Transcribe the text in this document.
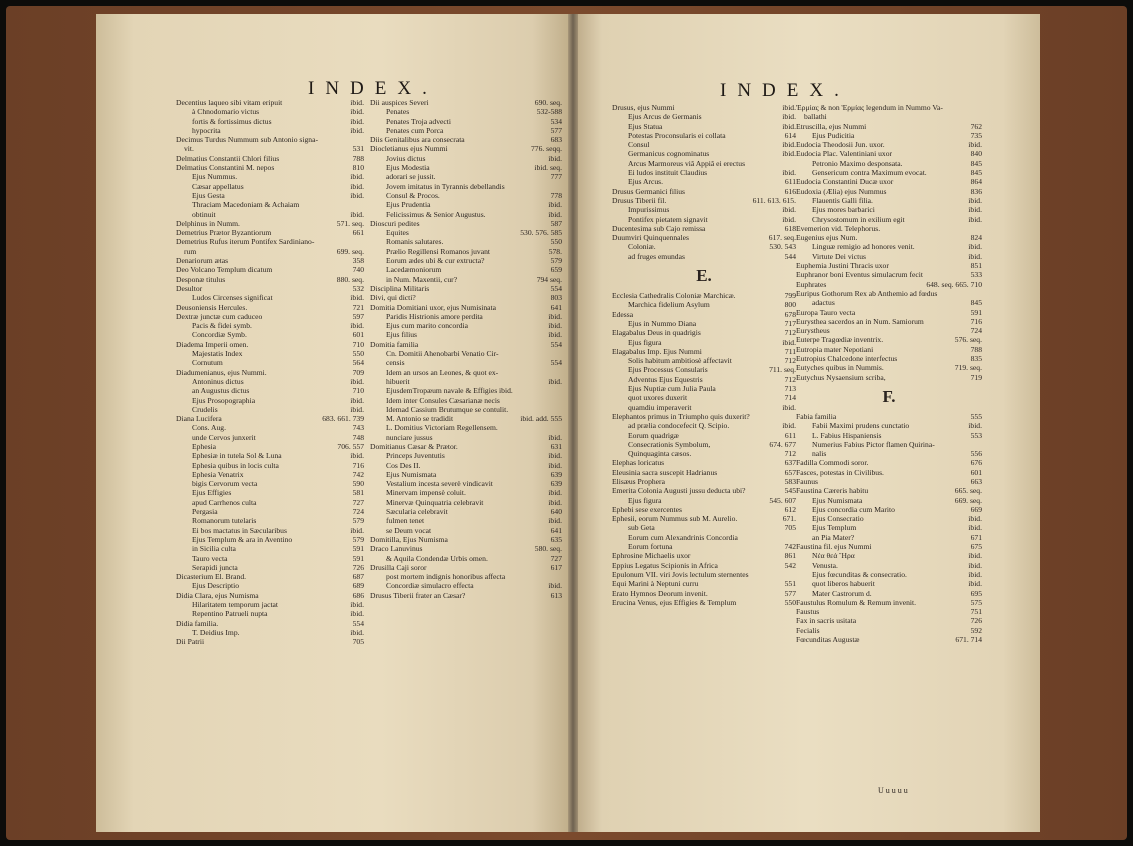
INDEX.	INDEX.
Decentius laqueo sibi vitam eripuit	ibid.
à Chnodomario victus	ibid.
fortis & fortissimus dictus	ibid.
hypocrita	ibid.
Decimus Turdus Nummum sub Antonio signa-
vit.	531
Delmatius Constantii Chlori filius	788
Delmatius Constantini M. nepos	810
Ejus Nummus.	ibid.
Cæsar appellatus	ibid.
Ejus Gesta	ibid.
Thraciam Macedoniam & Achaiam
obtinuit	ibid.
Delphinus in Numm.	571. seq.
Demetrius Prætor Byzantiorum	661
Demetrius Rufus iterum Pontifex Sardiniano-
rum	699. seq.
Denariorum ætas	358
Deo Volcano Templum dicatum	740
Desponæ titulus	880. seq.
Desultor	532
Ludos Circenses significat	ibid.
Deusoniensis Hercules.	721
Dextræ junctæ cum caduceo	597
Pacis & fidei symb.	ibid.
Concordiæ Symb.	601
Diadema Imperii omen.	710
Majestatis Index	550
Cornutum	564
Diadumenianus, ejus Nummi.	709
Antoninus dictus	ibid.
an Augustus dictus	710
Ejus Prosopographia	ibid.
Crudelis	ibid.
Diana Lucifera	683. 661. 739
Cons. Aug.	743
unde Cervos junxerit	748
Ephesia	706. 557
Ephesiæ in tutela Sol & Luna	ibid.
Ephesia quibus in locis culta	716
Ephesia Venatrix	742
bigis Cervorum vecta	590
Ejus Effigies	581
apud Carrhenos culta	727
Pergasia	724
Romanorum tutelaris	579
Ei bos mactatus in Sæcularibus	ibid.
Ejus Templum & ara in Aventino	579
in Sicilia culta	591
Tauro vecta	591
Serapidi juncta	726
Dicasterium El. Brand.	687
Ejus Descriptio	689
Didia Clara, ejus Numisma	686
Hilaritatem temporum jactat	ibid.
Repentino Patrueli nupta	ibid.
Didia familia.	554
T. Deidius Imp.	ibid.
Dii Patrii	705
Dii auspices Severi	690. seq.
Penates	532-588
Penates Troja advecti	534
Penates cum Porca	577
Diis Genitalibus ara consecrata	683
Diocletianus ejus Nummi	776. seqq.
Jovius dictus	ibid.
Ejus Modestia	ibid. seq.
adorari se jussit.	777
Jovem imitatus in Tyrannis debellandis
Consul & Procos.	778
Ejus Prudentia	ibid.
Felicissimus & Senior Augustus.	ibid.
Dioscuri pedites	587
Equites	530. 576. 585
Romanis salutares.	550
Prælio Regillensi Romanos juvant	578.
Eorum ædes ubi & cur extructa?	579
Lacedæmoniorum	659
in Num. Maxentii, cur?	794 seq.
Disciplina Militaris	554
Divi, qui dicti?	803
Domitia Domitiani uxor, ejus Numisinata	641
Paridis Histrionis amore perdita	ibid.
Ejus cum marito concordia	ibid.
Ejus filius	ibid.
Domitia familia	554
Cn. Domitii Ahenobarbi Venatio Cir-
censis	554
Idem an ursos an Leones, & quot ex-
hibuerit	ibid.
EjusdemTropæum navale & Effigies ibid.
Idem inter Consules Cæsarianæ necis
Idemad Cassium Brutumque se contulit.
M. Antonio se tradidit	ibid. add. 555
L. Domitius Victoriam Regellensem.
nunciare jussus	ibid.
Domitianus Cæsar & Prætor.	631
Princeps Juventutis	ibid.
Cos Des II.	ibid.
Ejus Numismata	639
Vestalium incesta severè vindicavit	639
Minervam impensè coluit.	ibid.
Minervæ Quinquatria celebravit	ibid.
Sæcularia celebravit	640
fulmen tenet	ibid.
se Deum vocat	641
Domitilla, Ejus Numisma	635
Draco Lanuvinus	580. seq.
& Aquila Condendæ Urbis omen.	727
Drusilla Caji soror	617
post mortem indignis honoribus affecta
Concordiæ simulacro effecta	ibid.
Drusus Tiberii frater an Cæsar?	613
Drusus, ejus Nummi	ibid.
Ejus Arcus de Germanis	ibid.
Ejus Statua	ibid.
Potestas Proconsularis ei collata	614
Consul	ibid.
Germanicus cognominatus	ibid.
Arcus Marmoreus viâ Appiâ ei erectus
Ei ludos instituit Claudius	ibid.
Ejus Arcus.	611
Drusus Germanici filius	616
Drusus Tiberii fil.	611. 613. 615.
Impurissimus	ibid.
Pontifex pietatem signavit	ibid.
Ducentesima sub Cajo remissa	618
Duumviri Quinquennales	617. seq.
Coloniæ.	530. 543
ad fruges emundas	544
E.
Ecclesia Cathedralis Coloniæ Marchicæ.	799
Marchica fidelium Asylum	800
Edessa	678
Ejus in Nummo Diana	717
Elagabalus Deus in quadrigis	712
Ejus figura	ibid.
Elagabalus Imp. Ejus Nummi	711
Solis habitum ambitiosè affectavit	712
Ejus Processus Consularis	711. seq.
Adventus Ejus Equestris	712
Ejus Nuptiæ cum Julia Paula	713
quot uxores duxerit	714
quamdiu imperaverit	ibid.
Elephantos primus in Triumpho quis duxerit?
ad prælia condocefecit Q. Scipio.	ibid.
Eorum quadrigæ	611
Consecrationis Symbolum,	674. 677
Quinquaginta cæsos.	712
Elephas loricatus	637
Eleusinia sacra suscepit Hadrianus	657
Elisæus Prophera	583
Emerita Colonia Augusti jussu deducta ubi?	545
Ejus figura	545. 607
Ephebi sese exercentes	612
Ephesii, eorum Nummus sub M. Aurelio.	671.
sub Geta	705
Eorum cum Alexandrinis Concordia
Eorum fortuna	742
Ephrosine Michaelis uxor	861
Eppius Legatus Scipionis in Africa	542
Epulonum VII. viri Jovis lectulum sternentes
Equi Marini à Neptuni curru	551
Erato Hymnos Deorum invenit.	577
Erucina Venus, ejus Effigies & Templum	550
Ἐρμίας & non Ἑρμίας legendum in Nummo Va-
ballathi
Etruscilla, ejus Nummi	762
Ejus Pudicitia	735
Eudocia Theodosii Jun. uxor.	ibid.
Eudocia Plac. Valentiniani uxor	840
Petronio Maximo desponsata.	845
Gensericum contra Maximum evocat.	845
Eudocia Constantini Ducæ uxor	864
Eudoxia (Ælia) ejus Nummus	836
Flauentis Galli filia.	ibid.
Ejus mores barbarici	ibid.
Chrysostomum in exilium egit	ibid.
Evemerion vid. Telephorus.
Eugenius ejus Num.	824
Linguæ remigio ad honores venit.	ibid.
Virtute Dei victus	ibid.
Euphemia Justini Thracis uxor	851
Euphranor boni Eventus simulacrum fecit	533
Euphrates	648. seq. 665. 710
Euripus Gothorum Rex ab Anthemio ad fœdus
adactus	845
Europa Tauro vecta	591
Eurysthea sacerdos an in Num. Samiorum	716
Eurystheus	724
Euterpe Tragœdiæ inventrix.	576. seq.
Eutropia mater Nepotiani	788
Eutropius Chalcedone interfectus	835
Eutyches quibus in Nummis.	719. seq.
Eutychus Nysaensium scriba,	719
F.
Fabia familia	555
Fabii Maximi prudens cunctatio	ibid.
L. Fabius Hispaniensis	553
Numerius Fabius Pictor flamen Quirina-
nalis	556
Fadilla Commodi soror.	676
Fasces, potestas in Civilibus.	601
Faunus	663
Faustina Cæreris habitu	665. seq.
Ejus Numismata	669. seq.
Ejus concordia cum Marito	669
Ejus Consecratio	ibid.
Ejus Templum	ibid.
an Pia Mater?	671
Faustina fil. ejus Nummi	675
Νέα θεά Ἥρα	ibid.
Venusta.	ibid.
Ejus fœcunditas & consecratio.	ibid.
quot liberos habuerit	ibid.
Mater Castrorum d.	695
Faustulus Romulum & Remum invenit.	575
Faustus	751
Fax in sacris usitata	726
Fecialis	592
Fœcunditas Augustæ	671. 714
U u u u u
